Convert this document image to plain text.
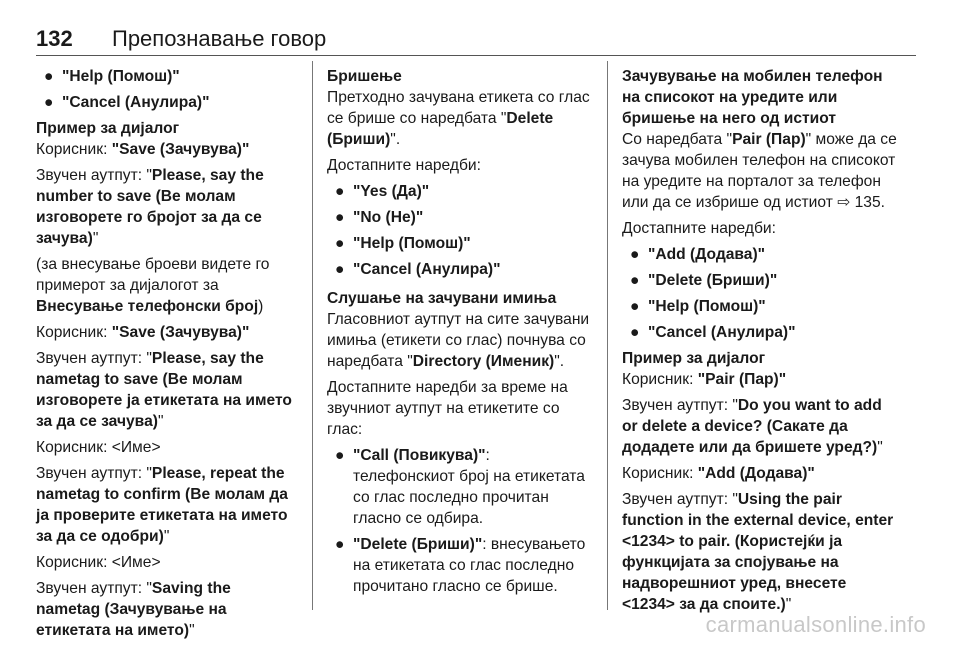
132 Препознавање говор
● "Help (Помош)"
● "Cancel (Анулира)"

Пример за дијалог

Корисник: "Save (Зачувува)"

Звучен аутпут: "Please, say the number to save (Ве молам изговорете го бројот за да се зачува)"

(за внесување броеви видете го примерот за дијалогот за Внесување телефонски број)

Корисник: "Save (Зачувува)"

Звучен аутпут: "Please, say the nametag to save (Ве молам изговорете ја етикетата на името за да се зачува)"

Корисник: <Име>

Звучен аутпут: "Please, repeat the nametag to confirm (Ве молам да ја проверите етикетата на името за да се одобри)"

Корисник: <Име>

Звучен аутпут: "Saving the nametag (Зачувување на етикетата на името)"

Бришење

Претходно зачувана етикета со глас се брише со наредбата "Delete (Бриши)".

Достапните наредби:

● "Yes (Да)"
● "No (Не)"
● "Help (Помош)"
● "Cancel (Анулира)"

Слушање на зачувани имиња

Гласовниот аутпут на сите зачувани имиња (етикети со глас) почнува со наредбата "Directory (Именик)".

Достапните наредби за време на звучниот аутпут на етикетите со глас:

● "Call (Повикува)": телефонскиот број на етикетата со глас последно прочитан гласно се одбира.
● "Delete (Бриши)": внесувањето на етикетата со глас последно прочитано гласно се брише.

Зачувување на мобилен телефон на списокот на уредите или бришење на него од истиот

Со наредбата "Pair (Пар)" може да се зачува мобилен телефон на списокот на уредите на порталот за телефон или да се избрише од истиот ⇨ 135.

Достапните наредби:

● "Add (Додава)"
● "Delete (Бриши)"
● "Help (Помош)"
● "Cancel (Анулира)"

Пример за дијалог

Корисник: "Pair (Пар)"

Звучен аутпут: "Do you want to add or delete a device? (Сакате да додадете или да бришете уред?)"

Корисник: "Add (Додава)"

Звучен аутпут: "Using the pair function in the external device, enter <1234> to pair. (Користејќи ја функцијата за спојување на надворешниот уред, внесете <1234> за да споите.)"

carmanualsonline.info
